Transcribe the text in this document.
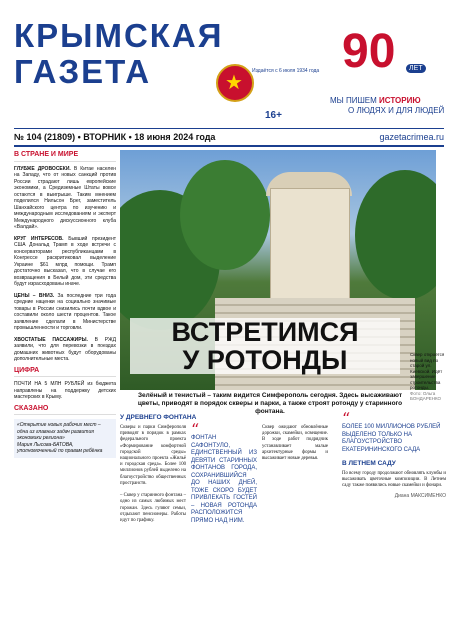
КРЫМСКАЯ
ГАЗЕТА
★	Издаётся с 6 июля 1934 года
16+
90	ЛЕТ
МЫ ПИШЕМ ИСТОРИЮ
О ЛЮДЯХ И ДЛЯ ЛЮДЕЙ
№ 104 (21809) • ВТОРНИК • 18 июня 2024 года	gazetacrimea.ru
В СТРАНЕ И МИРЕ
ГЛУБЖЕ ДРОВОСЕКИ. В Китае населен на Западу, что от новых санкций против России страдают лишь европейские экономики, а Средиземные Штаты вовсе остаются в выигрыше. Таким мнением поделился Нильсон Брег, заместитель Шанхайского центра по изучению и международным исследованиям и эксперт Международного дискуссионного клуба «Валдай».
КРУГ ИНТЕРЕСОВ. Бывший президент США Дональд Трамп в ходе встречи с консерваторами республиканцами в Конгрессе раскритиковал выделение Украине $61 млрд помощи. Трамп достаточно высказал, что в случае его возвращения в Белый дом, эти средства будут израсходованы иначе.
ЦЕНЫ – ВНИЗ. За последние три года средние наценки на социально значимые товары в России снизились почти вдвое и составили около шести процентов. Такое заявление сделали в Министерстве промышленности и торговли.
ХВОСТАТЫЕ ПАССАЖИРЫ. В РЖД заявили, что для перевозки в поездах домашних животных будут оборудованы дополнительные места.
ЦИФРА
ПОЧТИ НА 5 МЛН РУБЛЕЙ из бюджета направлены на поддержку детских мастерских в Крыму.
СКАЗАНО
«Открытие новых рабочих мест – одна из главных задач развития экономики региона»
Мария Лысова-БАТОВА, уполномоченный по правам ребёнка
ВСТРЕТИМСЯ
У РОТОНДЫ	Сквер откроется новый вид по старой ул. Киевской. Идёт завершение строительства ротонды.
Фото: Ольга БОНДАРЕНКО
Зелёный и тенистый – таким видится Симферополь сегодня. Здесь высаживают цветы, приводят в порядок скверы и парки, а также строят ротонду у старинного фонтана.
У ДРЕВНЕГО ФОНТАНА
Скверы и парки Симферополя приводят в порядок в рамках федерального проекта «Формирование комфортной городской среды» национального проекта «Жильё и городская среда». Более 100 миллионов рублей выделено на благоустройство общественных пространств.

– Сквер у старинного фонтана – одно из самых любимых мест горожан. Здесь гуляют семьи, отдыхают пенсионеры. Работы идут по графику.
“
ФОНТАН САФОНТУЛО, ЕДИНСТВЕННЫЙ ИЗ ДЕВЯТИ СТАРИННЫХ ФОНТАНОВ ГОРОДА, СОХРАНИВШИЙСЯ ДО НАШИХ ДНЕЙ, ТОЖЕ СКОРО БУДЕТ ПРИВЛЕКАТЬ ГОСТЕЙ – НОВАЯ РОТОНДА РАСПОЛОЖИТСЯ ПРЯМО НАД НИМ.
Сквер ожидают обновлённые дорожки, скамейки, освещение. В ходе работ подрядчик устанавливает малые архитектурные формы и высаживает новые деревья.
“
БОЛЕЕ 100 МИЛЛИОНОВ РУБЛЕЙ ВЫДЕЛЕНО ТОЛЬКО НА БЛАГОУСТРОЙСТВО ЕКАТЕРИНИНСКОГО САДА
В ЛЕТНЕМ САДУ
По всему городу продолжают обновлять клумбы и высаживать цветочные композиции. В Летнем саду также появились новые скамейки и фонари.
Диана МАКСИМЕНКО
